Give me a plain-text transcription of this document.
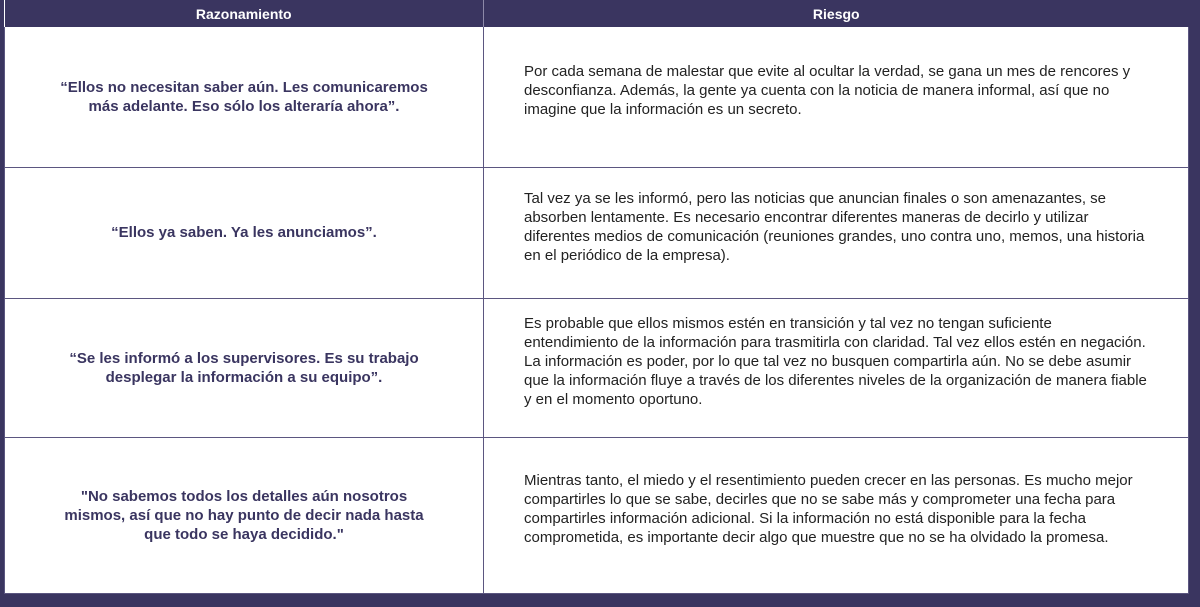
Razonamiento	Riesgo
“Ellos no necesitan saber aún. Les comunicaremos más adelante. Eso sólo los alteraría ahora”.	Por cada semana de malestar que evite al ocultar la verdad, se gana un mes de rencores y desconfianza. Además, la gente ya cuenta con la noticia de manera informal, así que no imagine que la información es un secreto.
“Ellos ya saben. Ya les anunciamos”.	Tal vez ya se les informó, pero las noticias que anuncian finales o son amenazantes, se absorben lentamente. Es necesario encontrar diferentes maneras de decirlo y utilizar diferentes medios de comunicación (reuniones grandes, uno contra uno, memos, una historia en el periódico de la empresa).
“Se les informó a los supervisores. Es su trabajo desplegar la información a su equipo”.	Es probable que ellos mismos estén en transición y tal vez no tengan suficiente entendimiento de la información para trasmitirla con claridad. Tal vez ellos estén en negación. La información es poder, por lo que tal vez no busquen compartirla aún. No se debe asumir que la información fluye a través de los diferentes niveles de la organización de manera fiable y en el momento oportuno.
"No sabemos todos los detalles aún nosotros mismos, así que no hay punto de decir nada hasta que todo se haya decidido."	Mientras tanto, el miedo y el resentimiento pueden crecer en las personas. Es mucho mejor compartirles lo que se sabe, decirles que no se sabe más y comprometer una fecha para compartirles información adicional. Si la información no está disponible para la fecha comprometida, es importante decir algo que muestre que no se ha olvidado la promesa.
